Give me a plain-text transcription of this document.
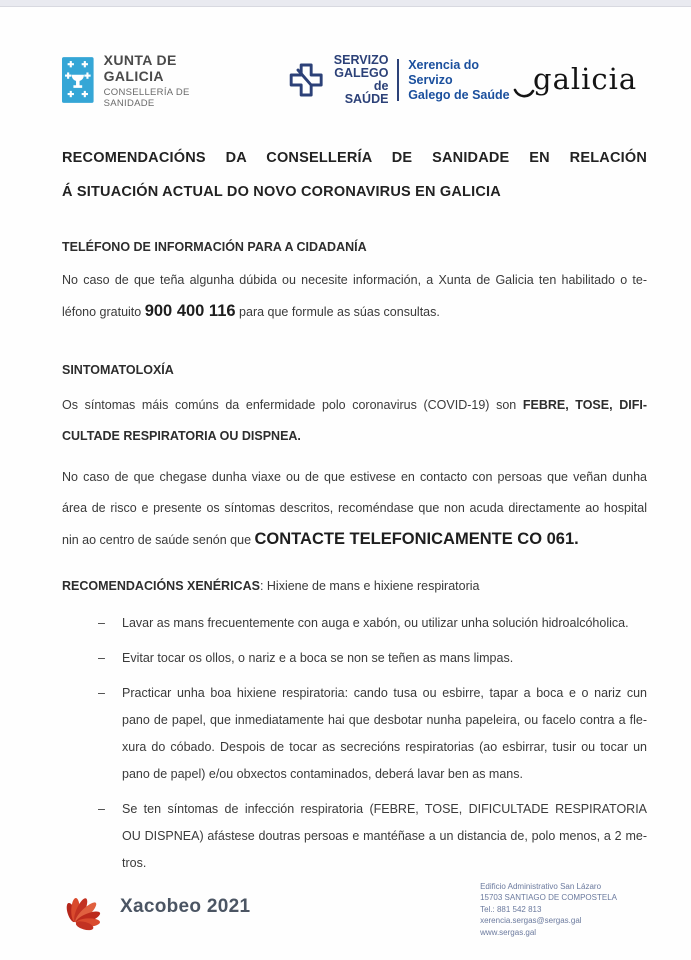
XUNTA DE GALICIA
CONSELLERÍA DE SANIDADE
SERVIZO
GALEGO
de SAÚDE
Xerencia do Servizo
Galego de Saúde galicia
RECOMENDACIÓNS DA CONSELLERÍA DE SANIDADE EN RELACIÓN
Á SITUACIÓN ACTUAL DO NOVO CORONAVIRUS EN GALICIA
TELÉFONO DE INFORMACIÓN PARA A CIDADANÍA
No caso de que teña algunha dúbida ou necesite información, a Xunta de Galicia ten habilitado o te-
léfono gratuito 900 400 116 para que formule as súas consultas.
SINTOMATOLOXÍA
Os síntomas máis comúns da enfermidade polo coronavirus (COVID-19) son FEBRE, TOSE, DIFI-
CULTADE RESPIRATORIA OU DISPNEA.
No caso de que chegase dunha viaxe ou de que estivese en contacto con persoas que veñan dunha
área de risco e presente os síntomas descritos, recoméndase que non acuda directamente ao hospital
nin ao centro de saúde senón que CONTACTE TELEFONICAMENTE CO 061.
RECOMENDACIÓNS XENÉRICAS: Hixiene de mans e hixiene respiratoria
–	Lavar as mans frecuentemente con auga e xabón, ou utilizar unha solución hidroalcóholica.
–	Evitar tocar os ollos, o nariz e a boca se non se teñen as mans limpas.
–	Practicar unha boa hixiene respiratoria: cando tusa ou esbirre, tapar a boca e o nariz cun
pano de papel, que inmediatamente hai que desbotar nunha papeleira, ou facelo contra a fle-
xura do cóbado. Despois de tocar as secrecións respiratorias (ao esbirrar, tusir ou tocar un
pano de papel) e/ou obxectos contaminados, deberá lavar ben as mans.
–	Se ten síntomas de infección respiratoria (FEBRE, TOSE, DIFICULTADE RESPIRATORIA
OU DISPNEA) afástese doutras persoas e mantéñase a un distancia de, polo menos, a 2 me-
tros.
Xacobeo 2021
Edificio Administrativo San Lázaro
15703 SANTIAGO DE COMPOSTELA
Tel.: 881 542 813
xerencia.sergas@sergas.gal
www.sergas.gal
